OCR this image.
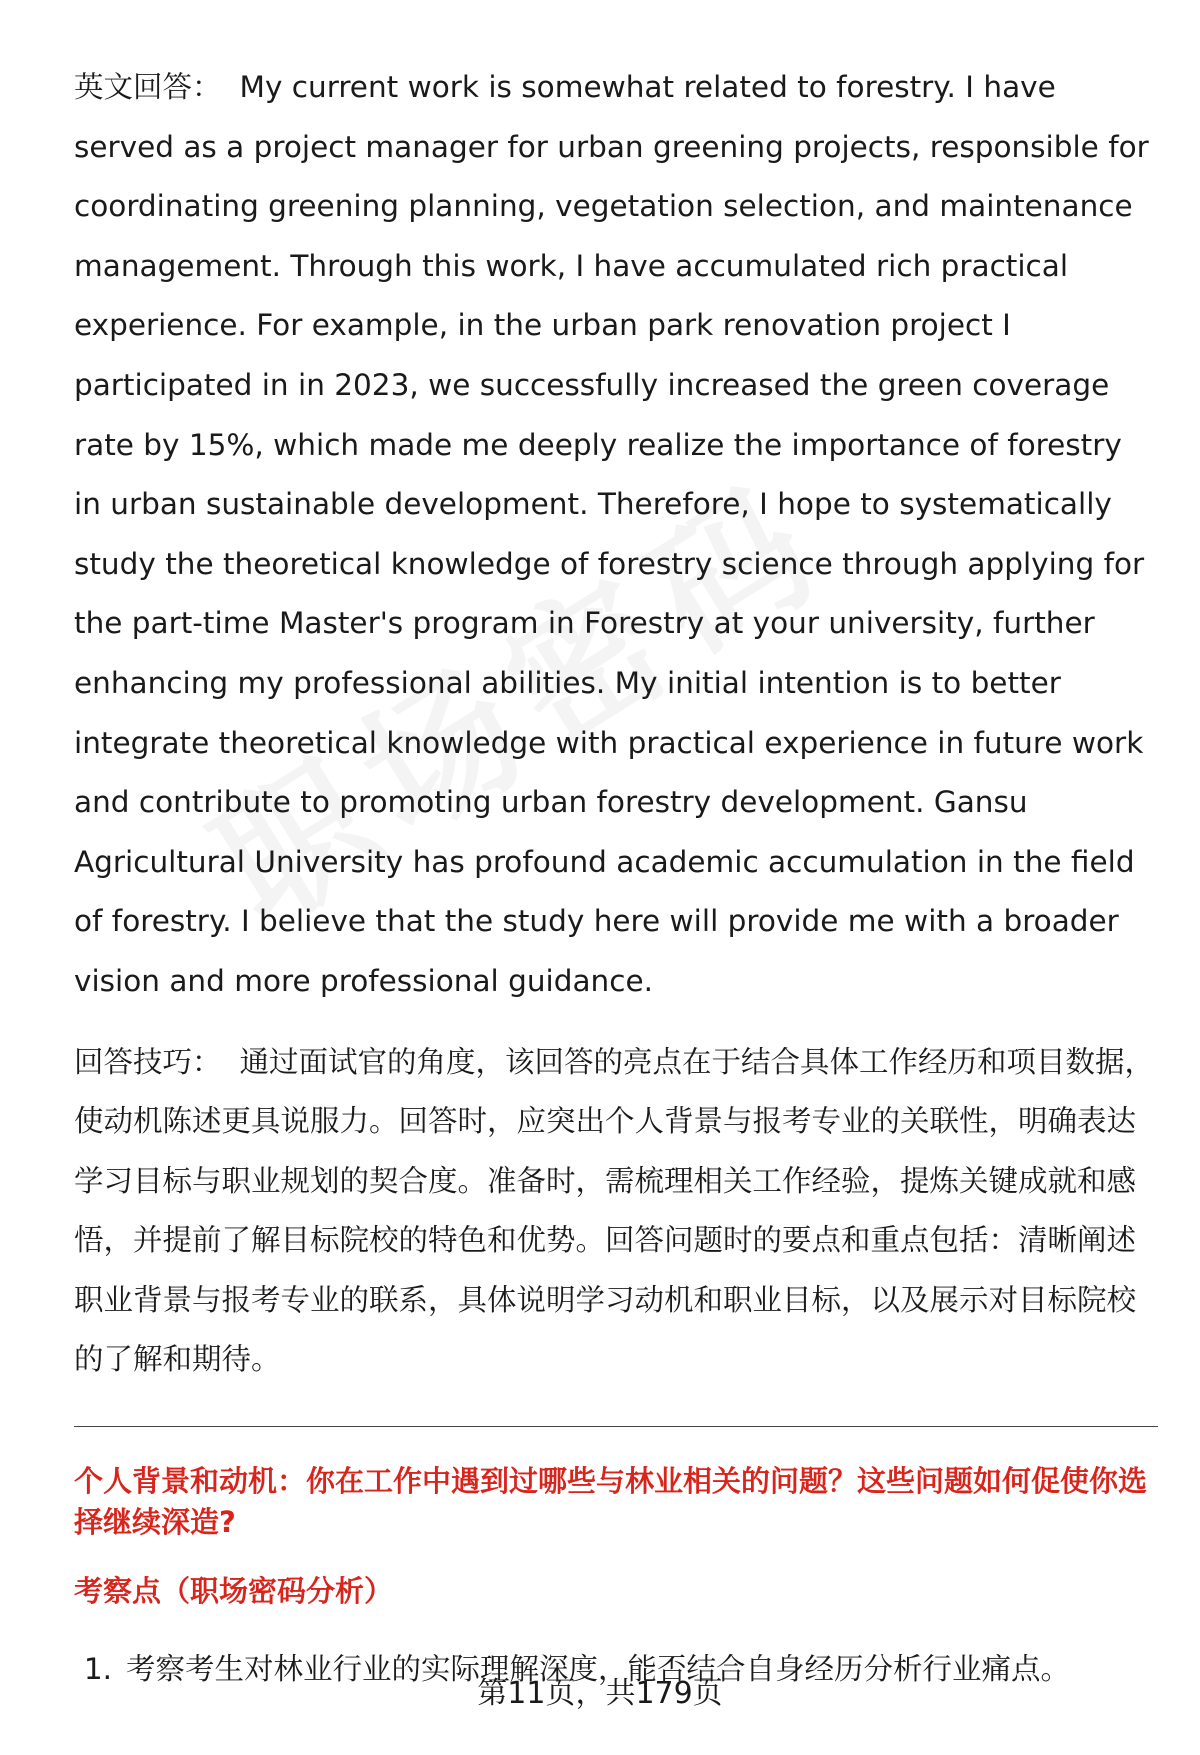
英文回答： My current work is somewhat related to forestry. I have served as a project manager for urban greening projects, responsible for coordinating greening planning, vegetation selection, and maintenance management. Through this work, I have accumulated rich practical experience. For example, in the urban park renovation project I participated in in 2023, we successfully increased the green coverage rate by 15%, which made me deeply realize the importance of forestry in urban sustainable development. Therefore, I hope to systematically study the theoretical knowledge of forestry science through applying for the part-time Master's program in Forestry at your university, further enhancing my professional abilities. My initial intention is to better integrate theoretical knowledge with practical experience in future work and contribute to promoting urban forestry development. Gansu Agricultural University has profound academic accumulation in the field of forestry. I believe that the study here will provide me with a broader vision and more professional guidance.

回答技巧： 通过面试官的角度，该回答的亮点在于结合具体工作经历和项目数据，使动机陈述更具说服力。回答时，应突出个人背景与报考专业的关联性，明确表达学习目标与职业规划的契合度。准备时，需梳理相关工作经验，提炼关键成就和感悟，并提前了解目标院校的特色和优势。回答问题时的要点和重点包括：清晰阐述职业背景与报考专业的联系，具体说明学习动机和职业目标，以及展示对目标院校的了解和期待。

个人背景和动机：你在工作中遇到过哪些与林业相关的问题？这些问题如何促使你选择继续深造?
考察点（职场密码分析）
1. 考察考生对林业行业的实际理解深度，能否结合自身经历分析行业痛点。
第11页，共179页
